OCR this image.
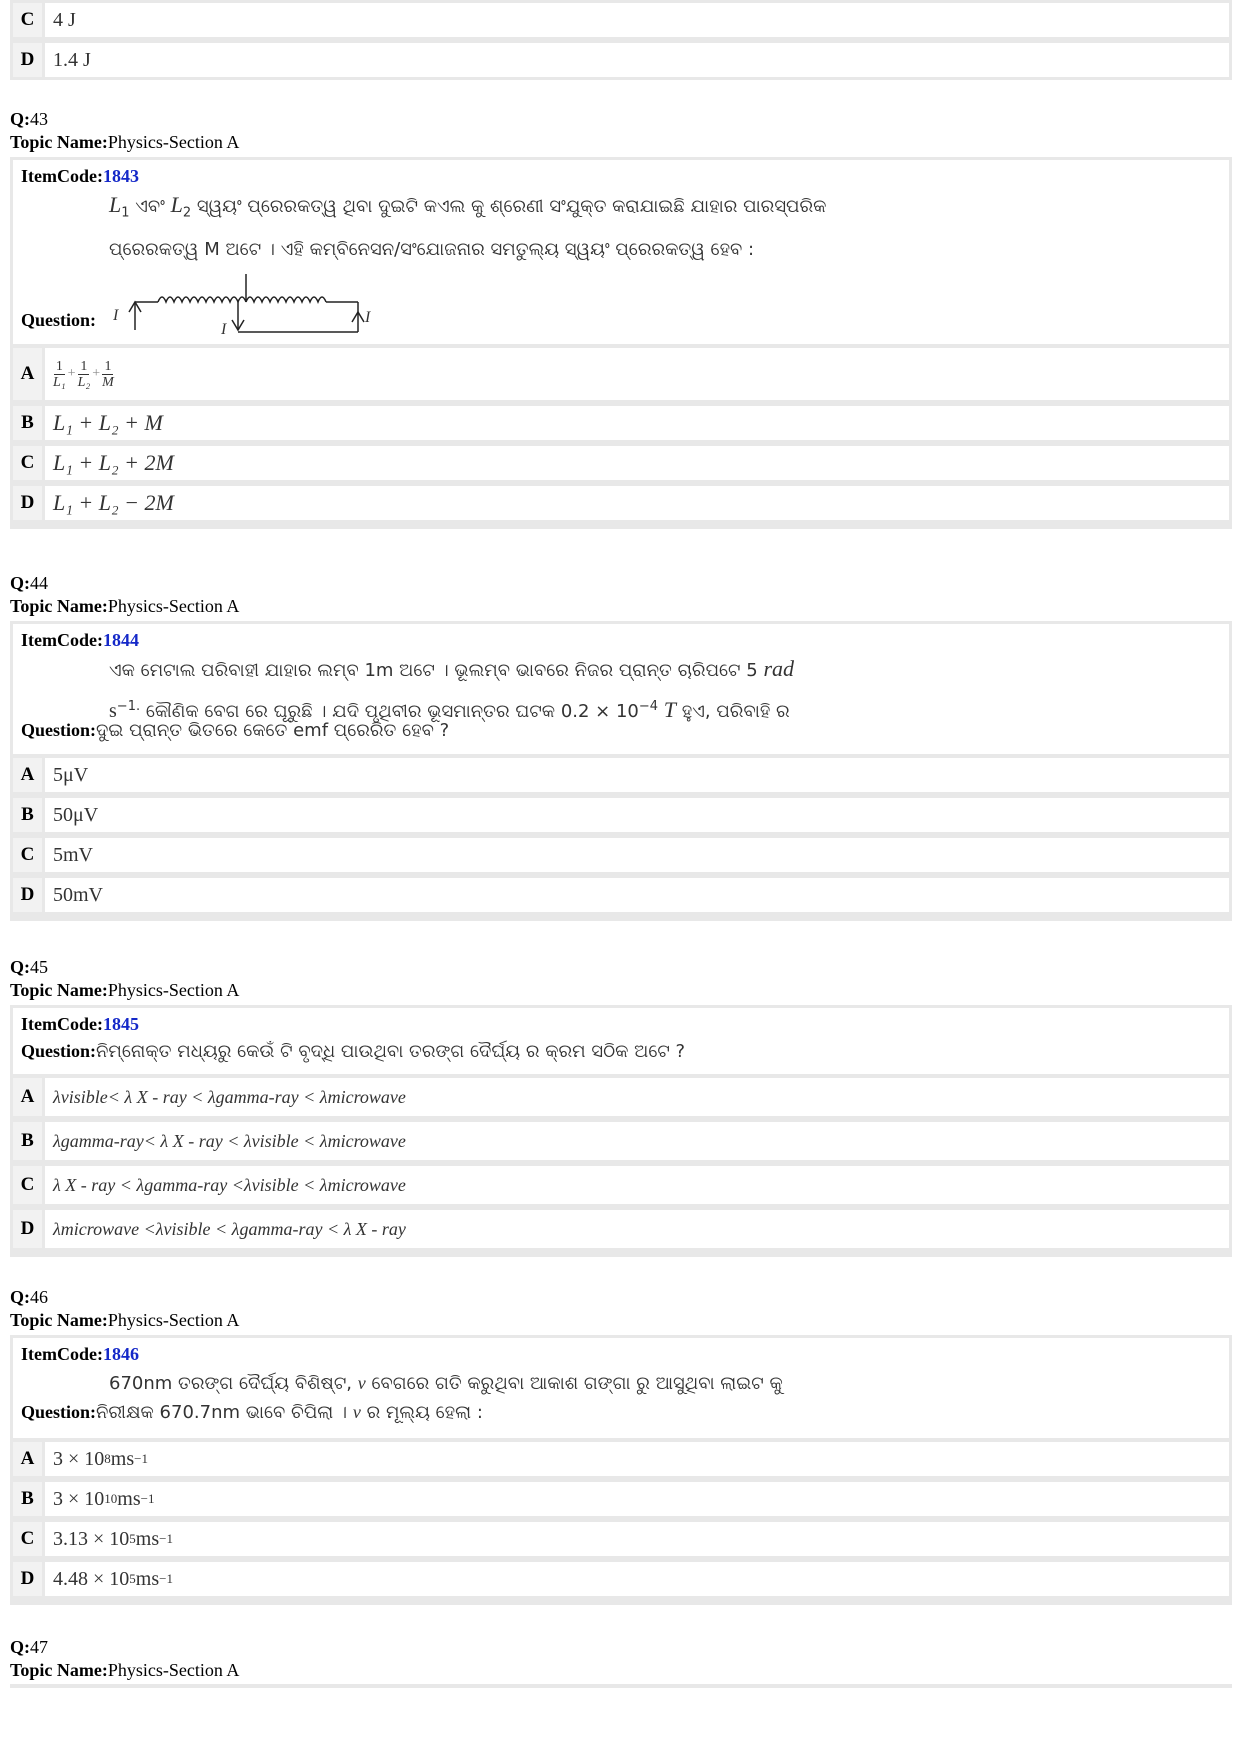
C 4 J
D 1.4 J
Q:43
Topic Name:Physics-Section A
ItemCode:1843
$L_1$ ଏବଂ $L_2$ ସ୍ୱୟଂ ପ୍ରେରକତ୍ୱ ଥିବା ଦୁଇଟି କଏଲ କୁ ଶ୍ରେଣୀ ସଂଯୁକ୍ତ କରାଯାଇଛି ଯାହାର ପାରସ୍ପରିକ
ପ୍ରେରକତ୍ୱ M ଅଟେ । ଏହି କମ୍ବିନେସନ/ସଂଯୋଜନାର ସମତୁଲ୍ୟ ସ୍ୱୟଂ ପ୍ରେରକତ୍ୱ ହେବ :
Question: I
I
I
A	$\frac{1}{\text{L₁}} + \frac{1}{\text{L₂}} + \frac{1}{M}$
B L₁ + L₂ + M
C L₁ + L₂ + 2M
D L₁ + L₂ − 2M
Q:44
Topic Name:Physics-Section A
ItemCode:1844
ଏକ ମେଟାଲ ପରିବାହୀ ଯାହାର ଲମ୍ବ 1m ଅଟେ । ଭୂଲମ୍ବ ଭାବରେ ନିଜର ପ୍ରାନ୍ତ ଚାରିପଟେ 5 rad
$s^{-1.}$ କୌଣିକ ବେଗ ରେ ଘୂରୁଛି । ଯଦି ପୃଥିବୀର ଭୂସମାନ୍ତର ଘଟକ $0.2 \times 10^{-4}$ T ହୁଏ, ପରିବାହି ର
Question: ଦୁଇ ପ୍ରାନ୍ତ ଭିତରେ କେତେ emf ପ୍ରେରିତ ହେବ ?
A 5μV
B 50μV
C 5mV
D 50mV
Q:45
Topic Name:Physics-Section A
ItemCode:1845
Question: ନିମ୍ନୋକ୍ତ ମଧ୍ୟରୁ କେଉଁ ଟି ବୃଦ୍ଧି ପାଉଥିବା ତରଙ୍ଗ ଦୈର୍ଘ୍ୟ ର କ୍ରମ ସଠିକ ଅଟେ ?
A	λvisible< λ X - ray < λgamma-ray < λmicrowave
B	λgamma-ray< λ X - ray < λvisible < λmicrowave
C	λ X - ray < λgamma-ray <λvisible < λmicrowave
D	λmicrowave <λvisible < λgamma-ray < λ X - ray
Q:46
Topic Name:Physics-Section A
ItemCode:1846
670nm ତରଙ୍ଗ ଦୈର୍ଘ୍ୟ ବିଶିଷ୍ଟ, v ବେଗରେ ଗତି କରୁଥିବା ଆକାଶ ଗଙ୍ଗା ରୁ ଆସୁଥିବା ଲାଇଟ କୁ
Question: ନିରୀକ୍ଷକ 670.7nm ଭାବେ ଚିପିଲା । v ର ମୂଲ୍ୟ ହେଲା :
A 3 × 10 8 ms −1
B 3 × 10 10 ms −1
C 3.13 × 10 5 ms −1
D 4.48 × 10 5 ms −1
Q:47
Topic Name:Physics-Section A
